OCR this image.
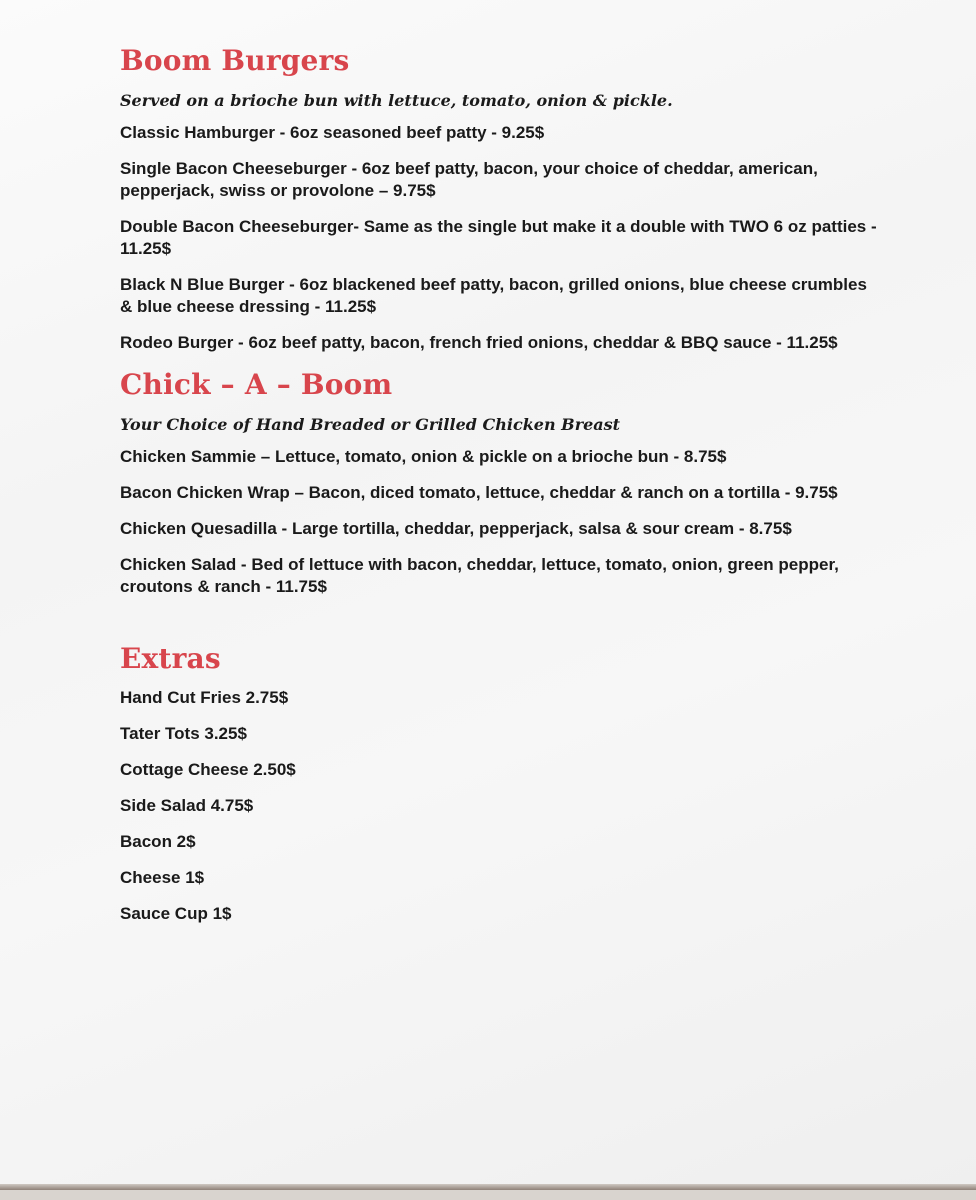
Boom Burgers

Served on a brioche bun with lettuce, tomato, onion & pickle.

Classic Hamburger - 6oz seasoned beef patty - 9.25$

Single Bacon Cheeseburger - 6oz beef patty, bacon, your choice of cheddar, american, pepperjack, swiss or provolone – 9.75$

Double Bacon Cheeseburger- Same as the single but make it a double with TWO 6 oz patties - 11.25$

Black N Blue Burger - 6oz blackened beef patty, bacon, grilled onions, blue cheese crumbles & blue cheese dressing - 11.25$

Rodeo Burger - 6oz beef patty, bacon, french fried onions, cheddar & BBQ sauce - 11.25$

Chick – A – Boom

Your Choice of Hand Breaded or Grilled Chicken Breast

Chicken Sammie – Lettuce, tomato, onion & pickle on a brioche bun - 8.75$

Bacon Chicken Wrap – Bacon, diced tomato, lettuce, cheddar & ranch on a tortilla - 9.75$

Chicken Quesadilla - Large tortilla, cheddar, pepperjack, salsa & sour cream - 8.75$

Chicken Salad - Bed of lettuce with bacon, cheddar, lettuce, tomato, onion, green pepper, croutons & ranch - 11.75$

Extras

Hand Cut Fries 2.75$

Tater Tots 3.25$

Cottage Cheese 2.50$

Side Salad 4.75$

Bacon 2$

Cheese 1$

Sauce Cup 1$
